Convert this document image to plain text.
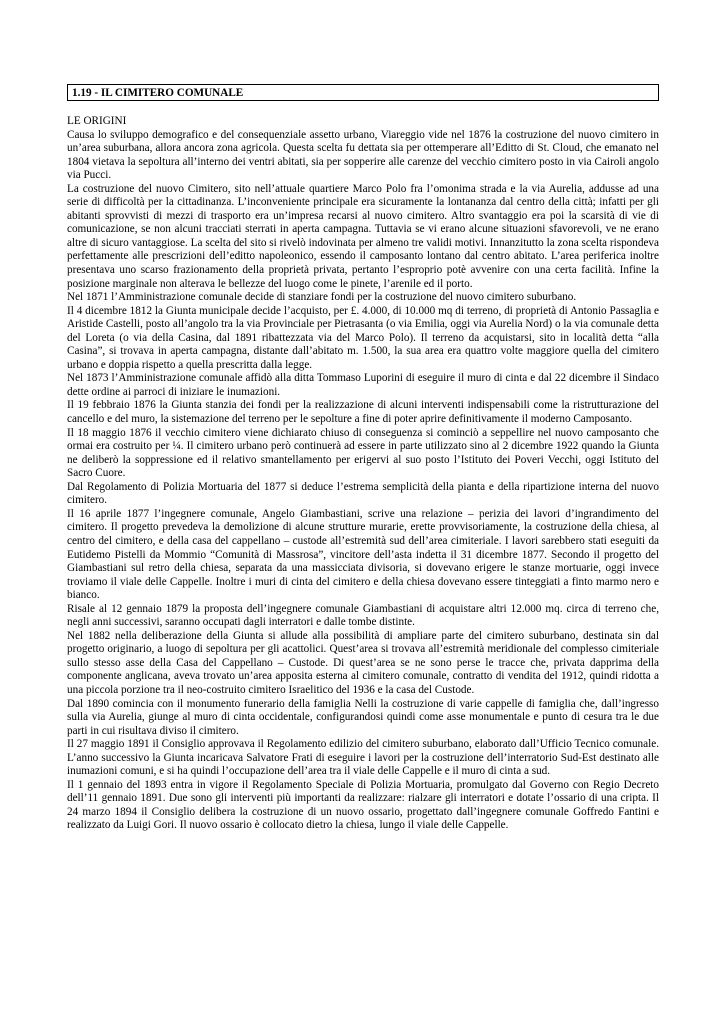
1.19 - IL CIMITERO COMUNALE
LE ORIGINI

Causa lo sviluppo demografico e del consequenziale assetto urbano, Viareggio vide nel 1876 la costruzione del nuovo cimitero in un’area suburbana, allora ancora zona agricola. Questa scelta fu dettata sia per ottemperare all’Editto di St. Cloud, che emanato nel 1804 vietava la sepoltura all’interno dei ventri abitati, sia per sopperire alle carenze del vecchio cimitero posto in via Cairoli angolo via Pucci.

La costruzione del nuovo Cimitero, sito nell’attuale quartiere Marco Polo fra l’omonima strada e la via Aurelia, addusse ad una serie di difficoltà per la cittadinanza. L’inconveniente principale era sicuramente la lontananza dal centro della città; infatti per gli abitanti sprovvisti di mezzi di trasporto era un’impresa recarsi al nuovo cimitero. Altro svantaggio era poi la scarsità di vie di comunicazione, se non alcuni tracciati sterrati in aperta campagna. Tuttavia se vi erano alcune situazioni sfavorevoli, ve ne erano altre di sicuro vantaggiose. La scelta del sito si rivelò indovinata per almeno tre validi motivi. Innanzitutto la zona scelta rispondeva perfettamente alle prescrizioni dell’editto napoleonico, essendo il camposanto lontano dal centro abitato. L’area periferica inoltre presentava uno scarso frazionamento della proprietà privata, pertanto l’esproprio potè avvenire con una certa facilità. Infine la posizione marginale non alterava le bellezze del luogo come le pinete, l’arenile ed il porto.

Nel 1871 l’Amministrazione comunale decide di stanziare fondi per la costruzione del nuovo cimitero suburbano.

Il 4 dicembre 1812 la Giunta municipale decide l’acquisto, per £. 4.000, di 10.000 mq di terreno, di proprietà di Antonio Passaglia e Aristide Castelli, posto all’angolo tra la via Provinciale per Pietrasanta (o via Emilia, oggi via Aurelia Nord) o la via comunale detta del Loreta (o via della Casina, dal 1891 ribattezzata via del Marco Polo). Il terreno da acquistarsi, sito in località detta “alla Casina”, si trovava in aperta campagna, distante dall’abitato m. 1.500, la sua area era quattro volte maggiore quella del cimitero urbano e doppia rispetto a quella prescritta dalla legge.

Nel 1873 l’Amministrazione comunale affidò alla ditta Tommaso Luporini di eseguire il muro di cinta e dal 22 dicembre il Sindaco dette ordine ai parroci di iniziare le inumazioni.

Il 19 febbraio 1876 la Giunta stanzia dei fondi per la realizzazione di alcuni interventi indispensabili come la ristrutturazione del cancello e del muro, la sistemazione del terreno per le sepolture a fine di poter aprire definitivamente il moderno Camposanto.

Il 18 maggio 1876 il vecchio cimitero viene dichiarato chiuso di conseguenza si cominciò a seppellire nel nuovo camposanto che ormai era costruito per ¼. Il cimitero urbano però continuerà ad essere in parte utilizzato sino al 2 dicembre 1922 quando la Giunta ne deliberò la soppressione ed il relativo smantellamento per erigervi al suo posto l’Istituto dei Poveri Vecchi, oggi Istituto del Sacro Cuore.

Dal Regolamento di Polizia Mortuaria del 1877 si deduce l’estrema semplicità della pianta e della ripartizione interna del nuovo cimitero.

Il 16 aprile 1877 l’ingegnere comunale, Angelo Giambastiani, scrive una relazione – perizia dei lavori d’ingrandimento del cimitero. Il progetto prevedeva la demolizione di alcune strutture murarie, erette provvisoriamente, la costruzione della chiesa, al centro del cimitero, e della casa del cappellano – custode all’estremità sud dell’area cimiteriale. I lavori sarebbero stati eseguiti da Eutidemo Pistelli da Mommio “Comunità di Massrosa”, vincitore dell’asta indetta il 31 dicembre 1877. Secondo il progetto del Giambastiani sul retro della chiesa, separata da una massicciata divisoria, si dovevano erigere le stanze mortuarie, oggi invece troviamo il viale delle Cappelle. Inoltre i muri di cinta del cimitero e della chiesa dovevano essere tinteggiati a finto marmo nero e bianco.

Risale al 12 gennaio 1879 la proposta dell’ingegnere comunale Giambastiani di acquistare altri 12.000 mq. circa di terreno che, negli anni successivi, saranno occupati dagli interratori e dalle tombe distinte.

Nel 1882 nella deliberazione della Giunta si allude alla possibilità di ampliare parte del cimitero suburbano, destinata sin dal progetto originario, a luogo di sepoltura per gli acattolici. Quest’area si trovava all’estremità meridionale del complesso cimiteriale sullo stesso asse della Casa del Cappellano – Custode. Di quest’area se ne sono perse le tracce che, privata dapprima della componente anglicana, aveva trovato un’area apposita esterna al cimitero comunale, contratto di vendita del 1912, quindi ridotta a una piccola porzione tra il neo-costruito cimitero Israelitico del 1936 e la casa del Custode.

Dal 1890 comincia con il monumento funerario della famiglia Nelli la costruzione di varie cappelle di famiglia che, dall’ingresso sulla via Aurelia, giunge al muro di cinta occidentale, configurandosi quindi come asse monumentale e punto di cesura tra le due parti in cui risultava diviso il cimitero.

Il 27 maggio 1891 il Consiglio approvava il Regolamento edilizio del cimitero suburbano, elaborato dall’Ufficio Tecnico comunale. L’anno successivo la Giunta incaricava Salvatore Frati di eseguire i lavori per la costruzione dell’interratorio Sud-Est destinato alle inumazioni comuni, e si ha quindi l’occupazione dell’area tra il viale delle Cappelle e il muro di cinta a sud.

Il 1 gennaio del 1893 entra in vigore il Regolamento Speciale di Polizia Mortuaria, promulgato dal Governo con Regio Decreto dell’11 gennaio 1891. Due sono gli interventi più importanti da realizzare: rialzare gli interratori e dotate l’ossario di una cripta. Il 24 marzo 1894 il Consiglio delibera la costruzione di un nuovo ossario, progettato dall’ingegnere comunale Goffredo Fantini e realizzato da Luigi Gori. Il nuovo ossario è collocato dietro la chiesa, lungo il viale delle Cappelle.
